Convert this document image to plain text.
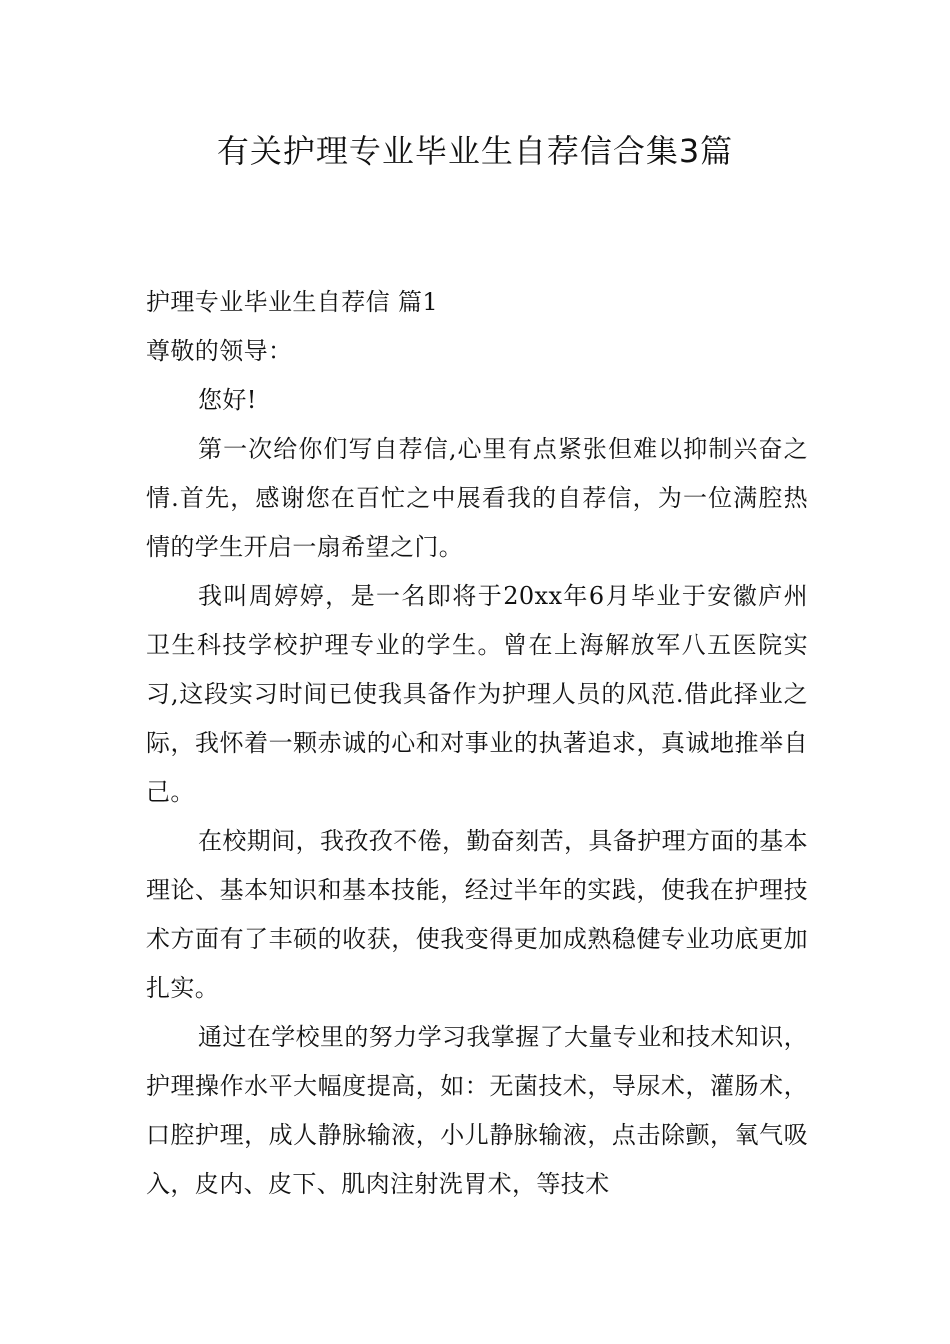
有关护理专业毕业生自荐信合集3篇

护理专业毕业生自荐信 篇1

尊敬的领导：

您好!

第一次给你们写自荐信,心里有点紧张但难以抑制兴奋之情.首先，感谢您在百忙之中展看我的自荐信，为一位满腔热情的学生开启一扇希望之门。

我叫周婷婷，是一名即将于20xx年6月毕业于安徽庐州卫生科技学校护理专业的学生。曾在上海解放军八五医院实习,这段实习时间已使我具备作为护理人员的风范.借此择业之际，我怀着一颗赤诚的心和对事业的执著追求，真诚地推举自己。

在校期间，我孜孜不倦，勤奋刻苦，具备护理方面的基本理论、基本知识和基本技能，经过半年的实践，使我在护理技术方面有了丰硕的收获，使我变得更加成熟稳健专业功底更加扎实。

通过在学校里的努力学习我掌握了大量专业和技术知识，护理操作水平大幅度提高，如：无菌技术，导尿术，灌肠术，口腔护理，成人静脉输液，小儿静脉输液，点击除颤，氧气吸入，皮内、皮下、肌肉注射洗胃术，等技术
